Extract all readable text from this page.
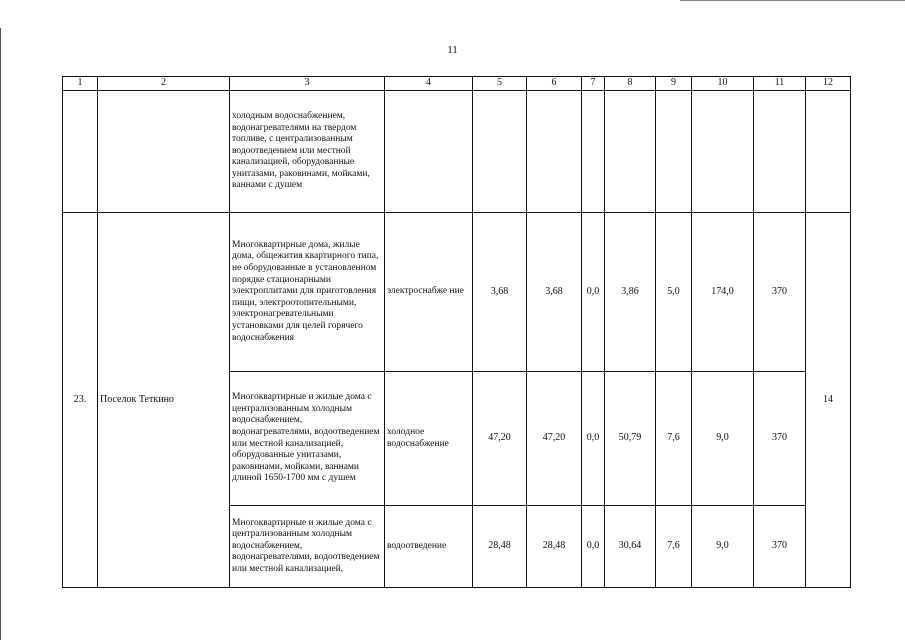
11
1	2	3	4	5	6	7	8	9	10	11	12
		холодным водоснабжением, водонагревателями на твердом топливе, с централизованным водоотведением или местной канализацией, оборудованные унитазами, раковинами, мойками, ваннами с душем									
23.	Поселок Теткино	Многоквартирные дома, жилые дома, общежития квартирного типа, не оборудованные в установленном порядке стационарными электроплитами для приготовления пищи, электроотопительными, электронагревательными установками для целей горячего водоснабжения	электроснабже ние	3,68	3,68	0,0	3,86	5,0	174,0	370	14
		Многоквартирные и жилые дома с централизованным холодным водоснабжением, водонагревателями, водоотведением или местной канализацией, оборудованные унитазами, раковинами, мойками, ваннами длиной 1650-1700 мм с душем	холодное водоснабжение	47,20	47,20	0,0	50,79	7,6	9,0	370	
		Многоквартирные и жилые дома с централизованным холодным водоснабжением, водонагревателями, водоотведением или местной канализацией,	водоотведение	28,48	28,48	0,0	30,64	7,6	9,0	370	
